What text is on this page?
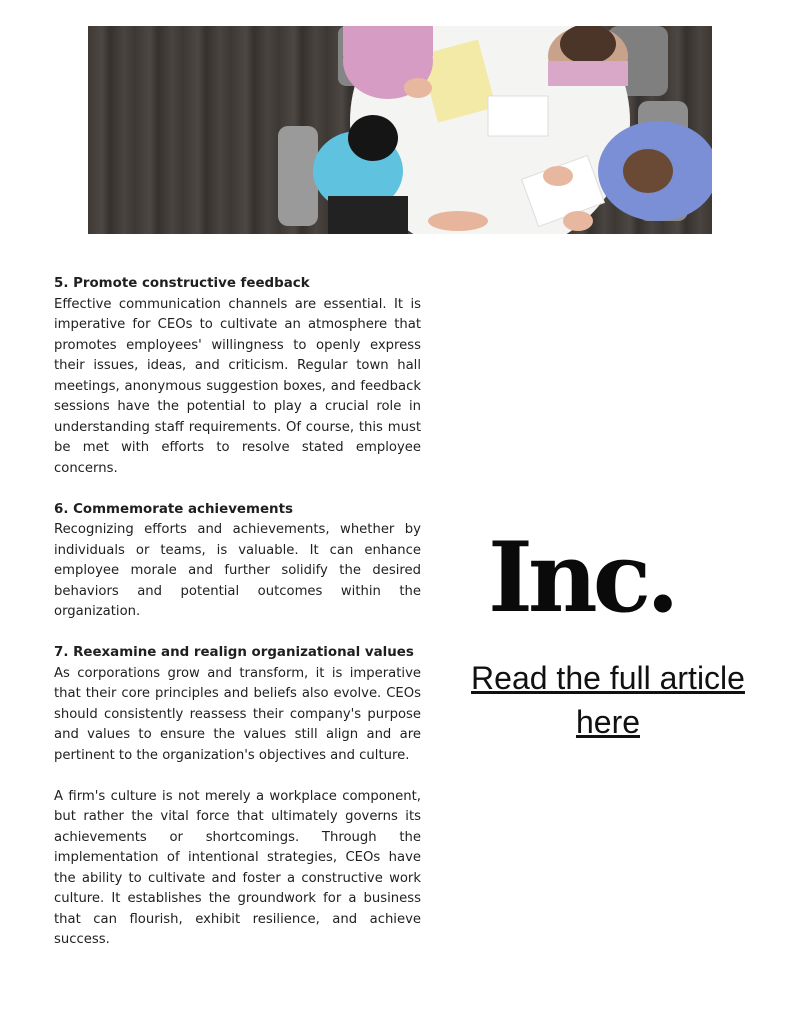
5. Promote constructive feedback

Effective communication channels are essential. It is imperative for CEOs to cultivate an atmosphere that promotes employees' willingness to openly express their issues, ideas, and criticism. Regular town hall meetings, anonymous suggestion boxes, and feedback sessions have the potential to play a crucial role in understanding staff requirements. Of course, this must be met with efforts to resolve stated employee concerns.

6. Commemorate achievements

Recognizing efforts and achievements, whether by individuals or teams, is valuable. It can enhance employee morale and further solidify the desired behaviors and potential outcomes within the organization.

7. Reexamine and realign organizational values

As corporations grow and transform, it is imperative that their core principles and beliefs also evolve. CEOs should consistently reassess their company's purpose and values to ensure the values still align and are pertinent to the organization's objectives and culture.

A firm's culture is not merely a workplace component, but rather the vital force that ultimately governs its achievements or shortcomings. Through the implementation of intentional strategies, CEOs have the ability to cultivate and foster a constructive work culture. It establishes the groundwork for a business that can flourish, exhibit resilience, and achieve success.

Inc.
Read the full article here
